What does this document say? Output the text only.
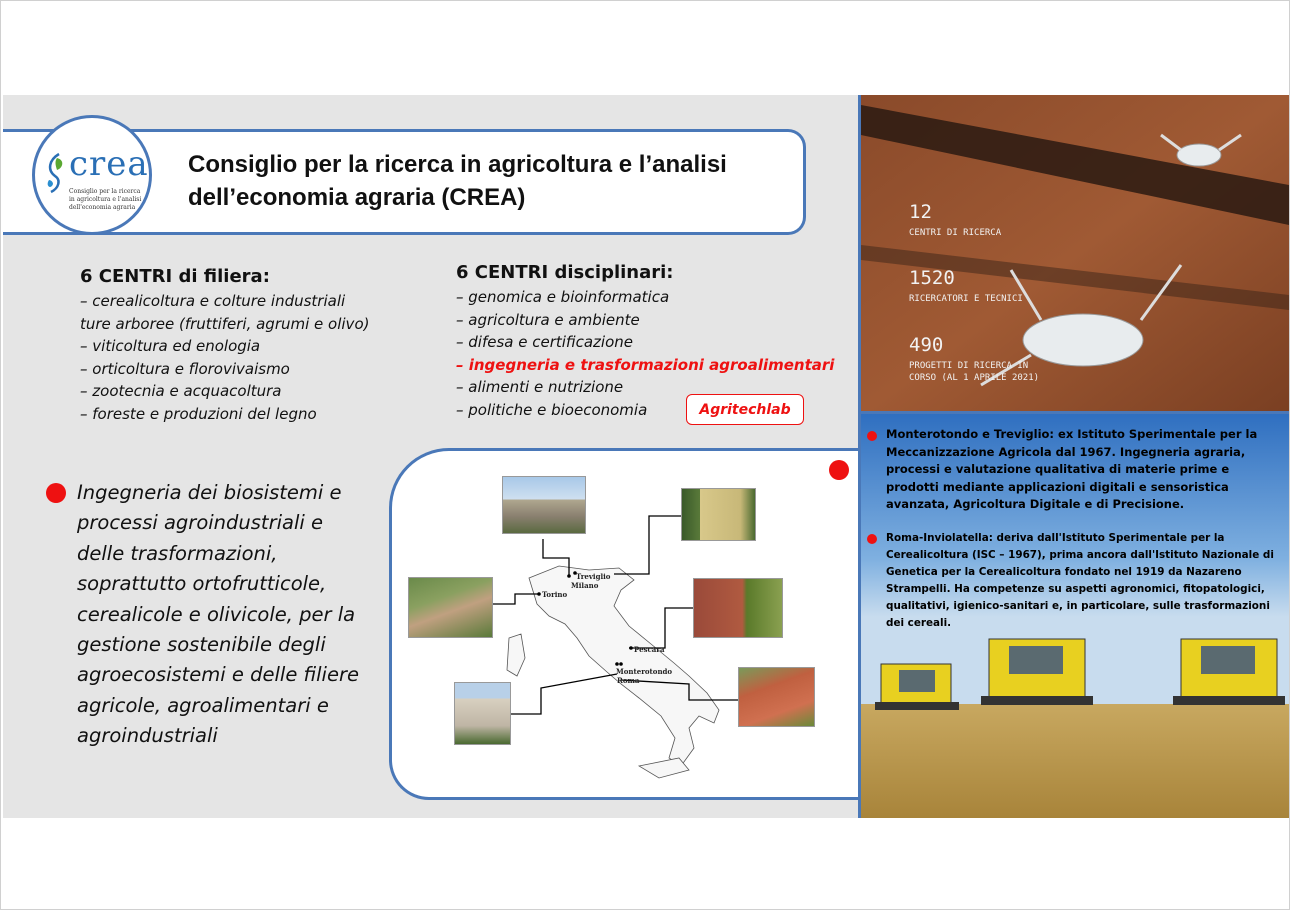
Consiglio per la ricerca in agricoltura e l’analisi dell’economia agraria (CREA)
crea
Consiglio per la ricerca in agricoltura e l'analisi dell'economia agraria
6 CENTRI di filiera:
– cerealicoltura e colture industriali
ture arboree (fruttiferi, agrumi e olivo)
– viticoltura ed enologia
– orticoltura e florovivaismo
– zootecnia e acquacoltura
– foreste e produzioni del legno
6 CENTRI disciplinari:
– genomica e bioinformatica
– agricoltura e ambiente
– difesa e certificazione
– ingegneria e trasformazioni agroalimentari
– alimenti e nutrizione
– politiche e bioeconomia	Agritechlab
Ingegneria dei biosistemi e processi agroindustriali e delle trasformazioni, soprattutto ortofrutticole, cerealicole e olivicole, per la gestione sostenibile degli agroecosistemi e delle filiere agricole, agroalimentari e agroindustriali
Treviglio
Milano
Torino
Pescara
Monterotondo
Roma
12
CENTRI DI RICERCA
1520
RICERCATORI E TECNICI
490
PROGETTI DI RICERCA IN
CORSO (AL 1 APRILE 2021)
Monterotondo e Treviglio: ex Istituto Sperimentale per la Meccanizzazione Agricola dal 1967. Ingegneria agraria, processi e valutazione qualitativa di materie prime e prodotti mediante applicazioni digitali e sensoristica avanzata, Agricoltura Digitale e di Precisione.
Roma-Inviolatella: deriva dall'Istituto Sperimentale per la Cerealicoltura (ISC – 1967), prima ancora dall'Istituto Nazionale di Genetica per la Cerealicoltura fondato nel 1919 da Nazareno Strampelli. Ha competenze su aspetti agronomici, fitopatologici, qualitativi, igienico-sanitari e, in particolare, sulle trasformazioni dei cereali.
